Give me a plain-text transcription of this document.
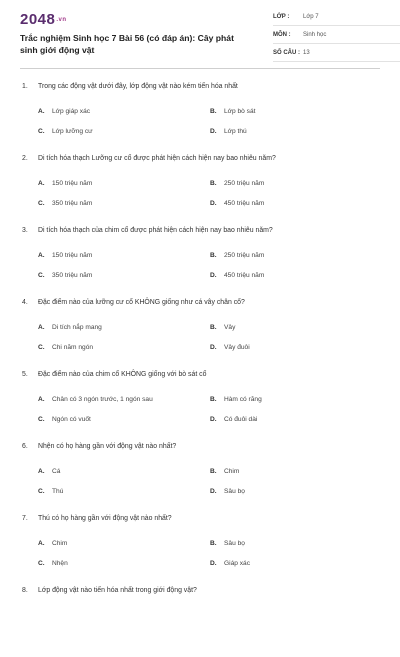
2048.vn
Trắc nghiệm Sinh học 7 Bài 56 (có đáp án): Cây phát sinh giới động vật
LỚP :	Lớp 7
MÔN :	Sinh học
SỐ CÂU : 13
1. Trong các động vật dưới đây, lớp động vật nào kém tiến hóa nhất
A.	Lớp giáp xác	B.	Lớp bò sát
C.	Lớp lưỡng cư	D.	Lớp thú
2. Di tích hóa thạch Lưỡng cư cổ được phát hiện cách hiện nay bao nhiêu năm?
A.	150 triệu năm	B.	250 triệu năm
C.	350 triệu năm	D.	450 triệu năm
3. Di tích hóa thạch của chim cổ được phát hiện cách hiện nay bao nhiêu năm?
A.	150 triệu năm	B.	250 triệu năm
C.	350 triệu năm	D.	450 triệu năm
4. Đặc điểm nào của lưỡng cư cổ KHÔNG giống như cá vây chân cổ?
A.	Di tích nắp mang	B.	Vây
C.	Chi năm ngón	D.	Vây đuôi
5. Đặc điểm nào của chim cổ KHÔNG giống với bò sát cổ
A.	Chân có 3 ngón trước, 1 ngón sau	B.	Hàm có răng
C.	Ngón có vuốt	D.	Có đuôi dài
6. Nhện có họ hàng gần với động vật nào nhất?
A.	Cá	B.	Chim
C.	Thú	D.	Sâu bọ
7. Thú có họ hàng gần với động vật nào nhất?
A.	Chim	B.	Sâu bọ
C.	Nhện	D.	Giáp xác
8. Lớp động vật nào tiến hóa nhất trong giới động vật?
